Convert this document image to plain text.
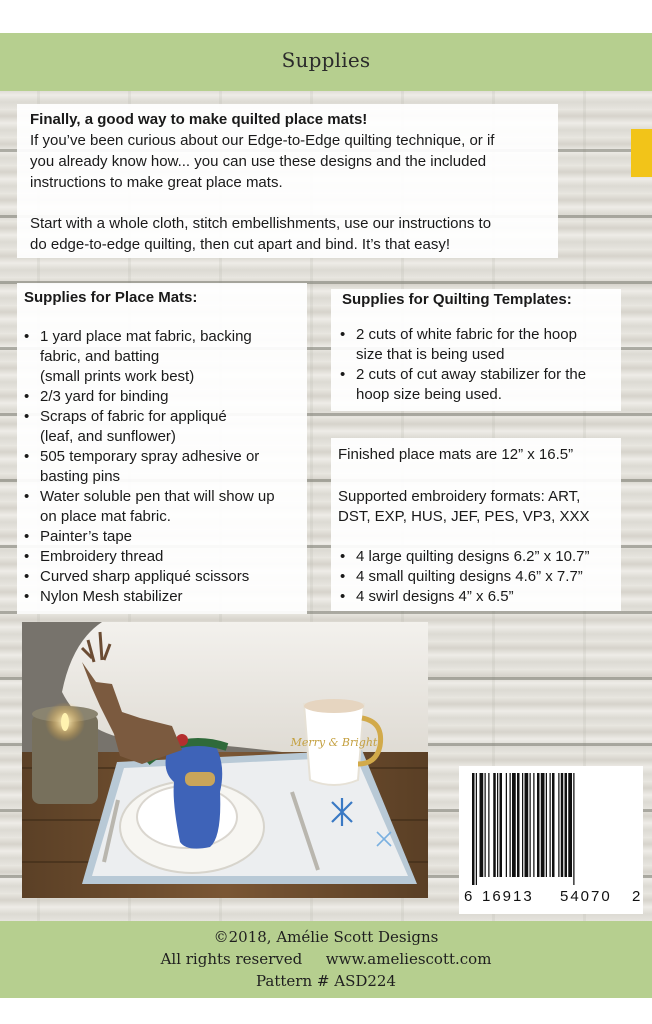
Supplies
Finally, a good way to make quilted place mats!
If you’ve been curious about our Edge-to-Edge quilting technique, or if
you already know how... you can use these designs and the included
instructions to make great place mats.
Start with a whole cloth, stitch embellishments, use our instructions to
do edge-to-edge quilting, then cut apart and bind. It’s that easy!
Supplies for Place Mats:
• 1 yard place mat fabric, backing
fabric, and batting
(small prints work best)
• 2/3 yard for binding
• Scraps of fabric for appliqué
(leaf, and sunflower)
• 505 temporary spray adhesive or
basting pins
• Water soluble pen that will show up
on place mat fabric.
• Painter’s tape
• Embroidery thread
• Curved sharp appliqué scissors
• Nylon Mesh stabilizer
Supplies for Quilting Templates:
• 2 cuts of white fabric for the hoop
size that is being used
• 2 cuts of cut away stabilizer for the
hoop size being used.
Finished place mats are 12” x 16.5”
Supported embroidery formats: ART,
DST, EXP, HUS, JEF, PES, VP3, XXX
• 4 large quilting designs 6.2” x 10.7”
• 4 small quilting designs 4.6” x 7.7”
• 4 swirl designs 4” x 6.5”
Merry & Bright
6 16913 54070 2
©2018, Amélie Scott Designs
All rights reserved www.ameliescott.com
Pattern # ASD224
